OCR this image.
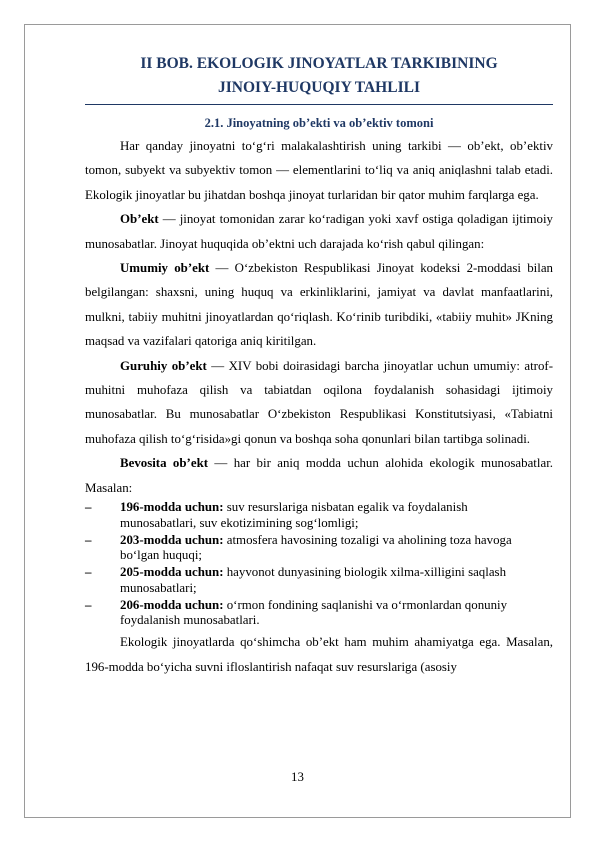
II BOB. EKOLOGIK JINOYATLAR TARKIBINING

JINOIY-HUQUQIY TAHLILI

2.1. Jinoyatning ob’ekti va ob’ektiv tomoni

Har qanday jinoyatni to‘g‘ri malakalashtirish uning tarkibi — ob’ekt, ob’ektiv tomon, subyekt va subyektiv tomon — elementlarini to‘liq va aniq aniqlashni talab etadi. Ekologik jinoyatlar bu jihatdan boshqa jinoyat turlaridan bir qator muhim farqlarga ega.

Ob’ekt — jinoyat tomonidan zarar ko‘radigan yoki xavf ostiga qoladigan ijtimoiy munosabatlar. Jinoyat huquqida ob’ektni uch darajada ko‘rish qabul qilingan:

Umumiy ob’ekt — O‘zbekiston Respublikasi Jinoyat kodeksi 2-moddasi bilan belgilangan: shaxsni, uning huquq va erkinliklarini, jamiyat va davlat manfaatlarini, mulkni, tabiiy muhitni jinoyatlardan qo‘riqlash. Ko‘rinib turibdiki, «tabiiy muhit» JKning maqsad va vazifalari qatoriga aniq kiritilgan.

Guruhiy ob’ekt — XIV bobi doirasidagi barcha jinoyatlar uchun umumiy: atrof-muhitni muhofaza qilish va tabiatdan oqilona foydalanish sohasidagi ijtimoiy munosabatlar. Bu munosabatlar O‘zbekiston Respublikasi Konstitutsiyasi, «Tabiatni muhofaza qilish to‘g‘risida»gi qonun va boshqa soha qonunlari bilan tartibga solinadi.

Bevosita ob’ekt — har bir aniq modda uchun alohida ekologik munosabatlar. Masalan:

– 196-modda uchun: suv resurslariga nisbatan egalik va foydalanish munosabatlari, suv ekotizimining sog‘lomligi;
– 203-modda uchun: atmosfera havosining tozaligi va aholining toza havoga bo‘lgan huquqi;
– 205-modda uchun: hayvonot dunyasining biologik xilma-xilligini saqlash munosabatlari;
– 206-modda uchun: o‘rmon fondining saqlanishi va o‘rmonlardan qonuniy foydalanish munosabatlari.

Ekologik jinoyatlarda qo‘shimcha ob’ekt ham muhim ahamiyatga ega. Masalan, 196-modda bo‘yicha suvni ifloslantirish nafaqat suv resurslariga (asosiy

13
